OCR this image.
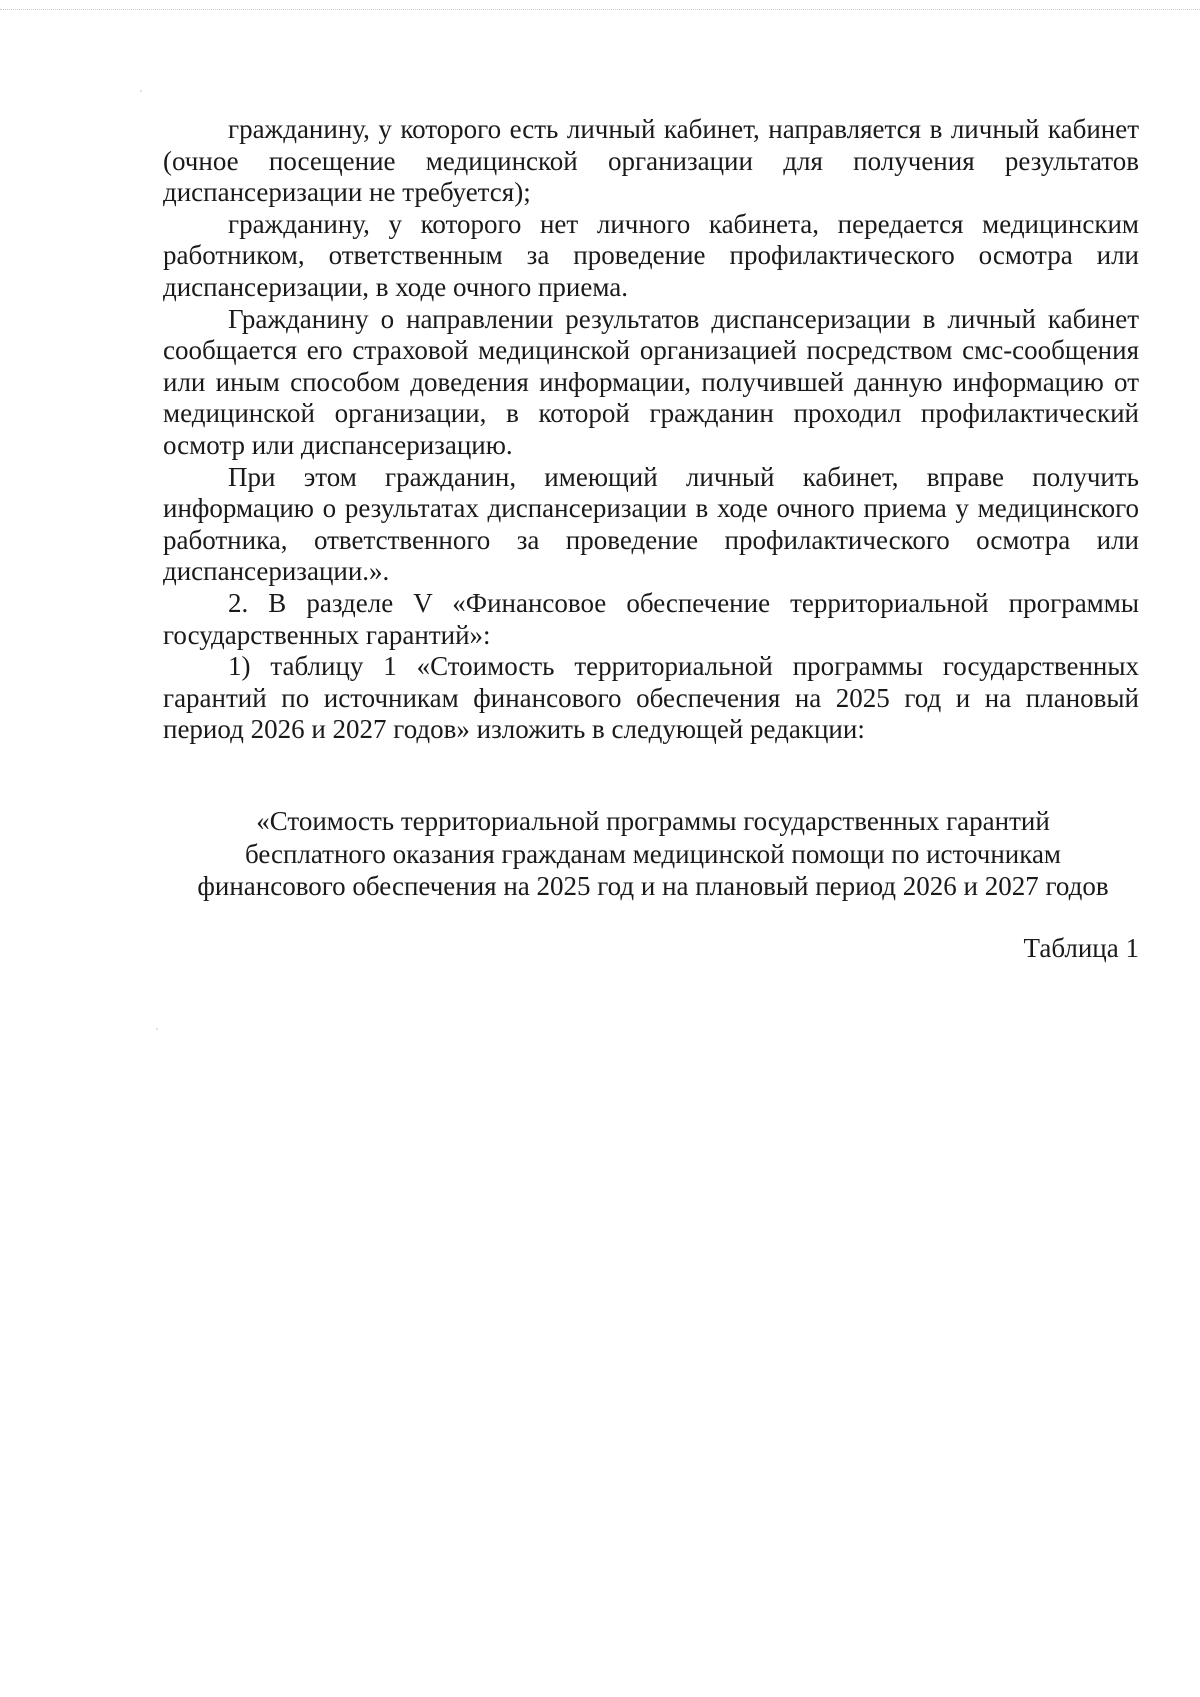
гражданину, у которого есть личный кабинет, направляется в личный кабинет (очное посещение медицинской организации для получения результатов диспансеризации не требуется);

гражданину, у которого нет личного кабинета, передается медицинским работником, ответственным за проведение профилактического осмотра или диспансеризации, в ходе очного приема.

Гражданину о направлении результатов диспансеризации в личный кабинет сообщается его страховой медицинской организацией посредством смс-сообщения или иным способом доведения информации, получившей данную информацию от медицинской организации, в которой гражданин проходил профилактический осмотр или диспансеризацию.

При этом гражданин, имеющий личный кабинет, вправе получить информацию о результатах диспансеризации в ходе очного приема у медицинского работника, ответственного за проведение профилактического осмотра или диспансеризации.».

2. В разделе V «Финансовое обеспечение территориальной программы государственных гарантий»:

1) таблицу 1 «Стоимость территориальной программы государственных гарантий по источникам финансового обеспечения на 2025 год и на плановый период 2026 и 2027 годов» изложить в следующей редакции:

«Стоимость территориальной программы государственных гарантий
бесплатного оказания гражданам медицинской помощи по источникам
финансового обеспечения на 2025 год и на плановый период 2026 и 2027 годов
Таблица 1
